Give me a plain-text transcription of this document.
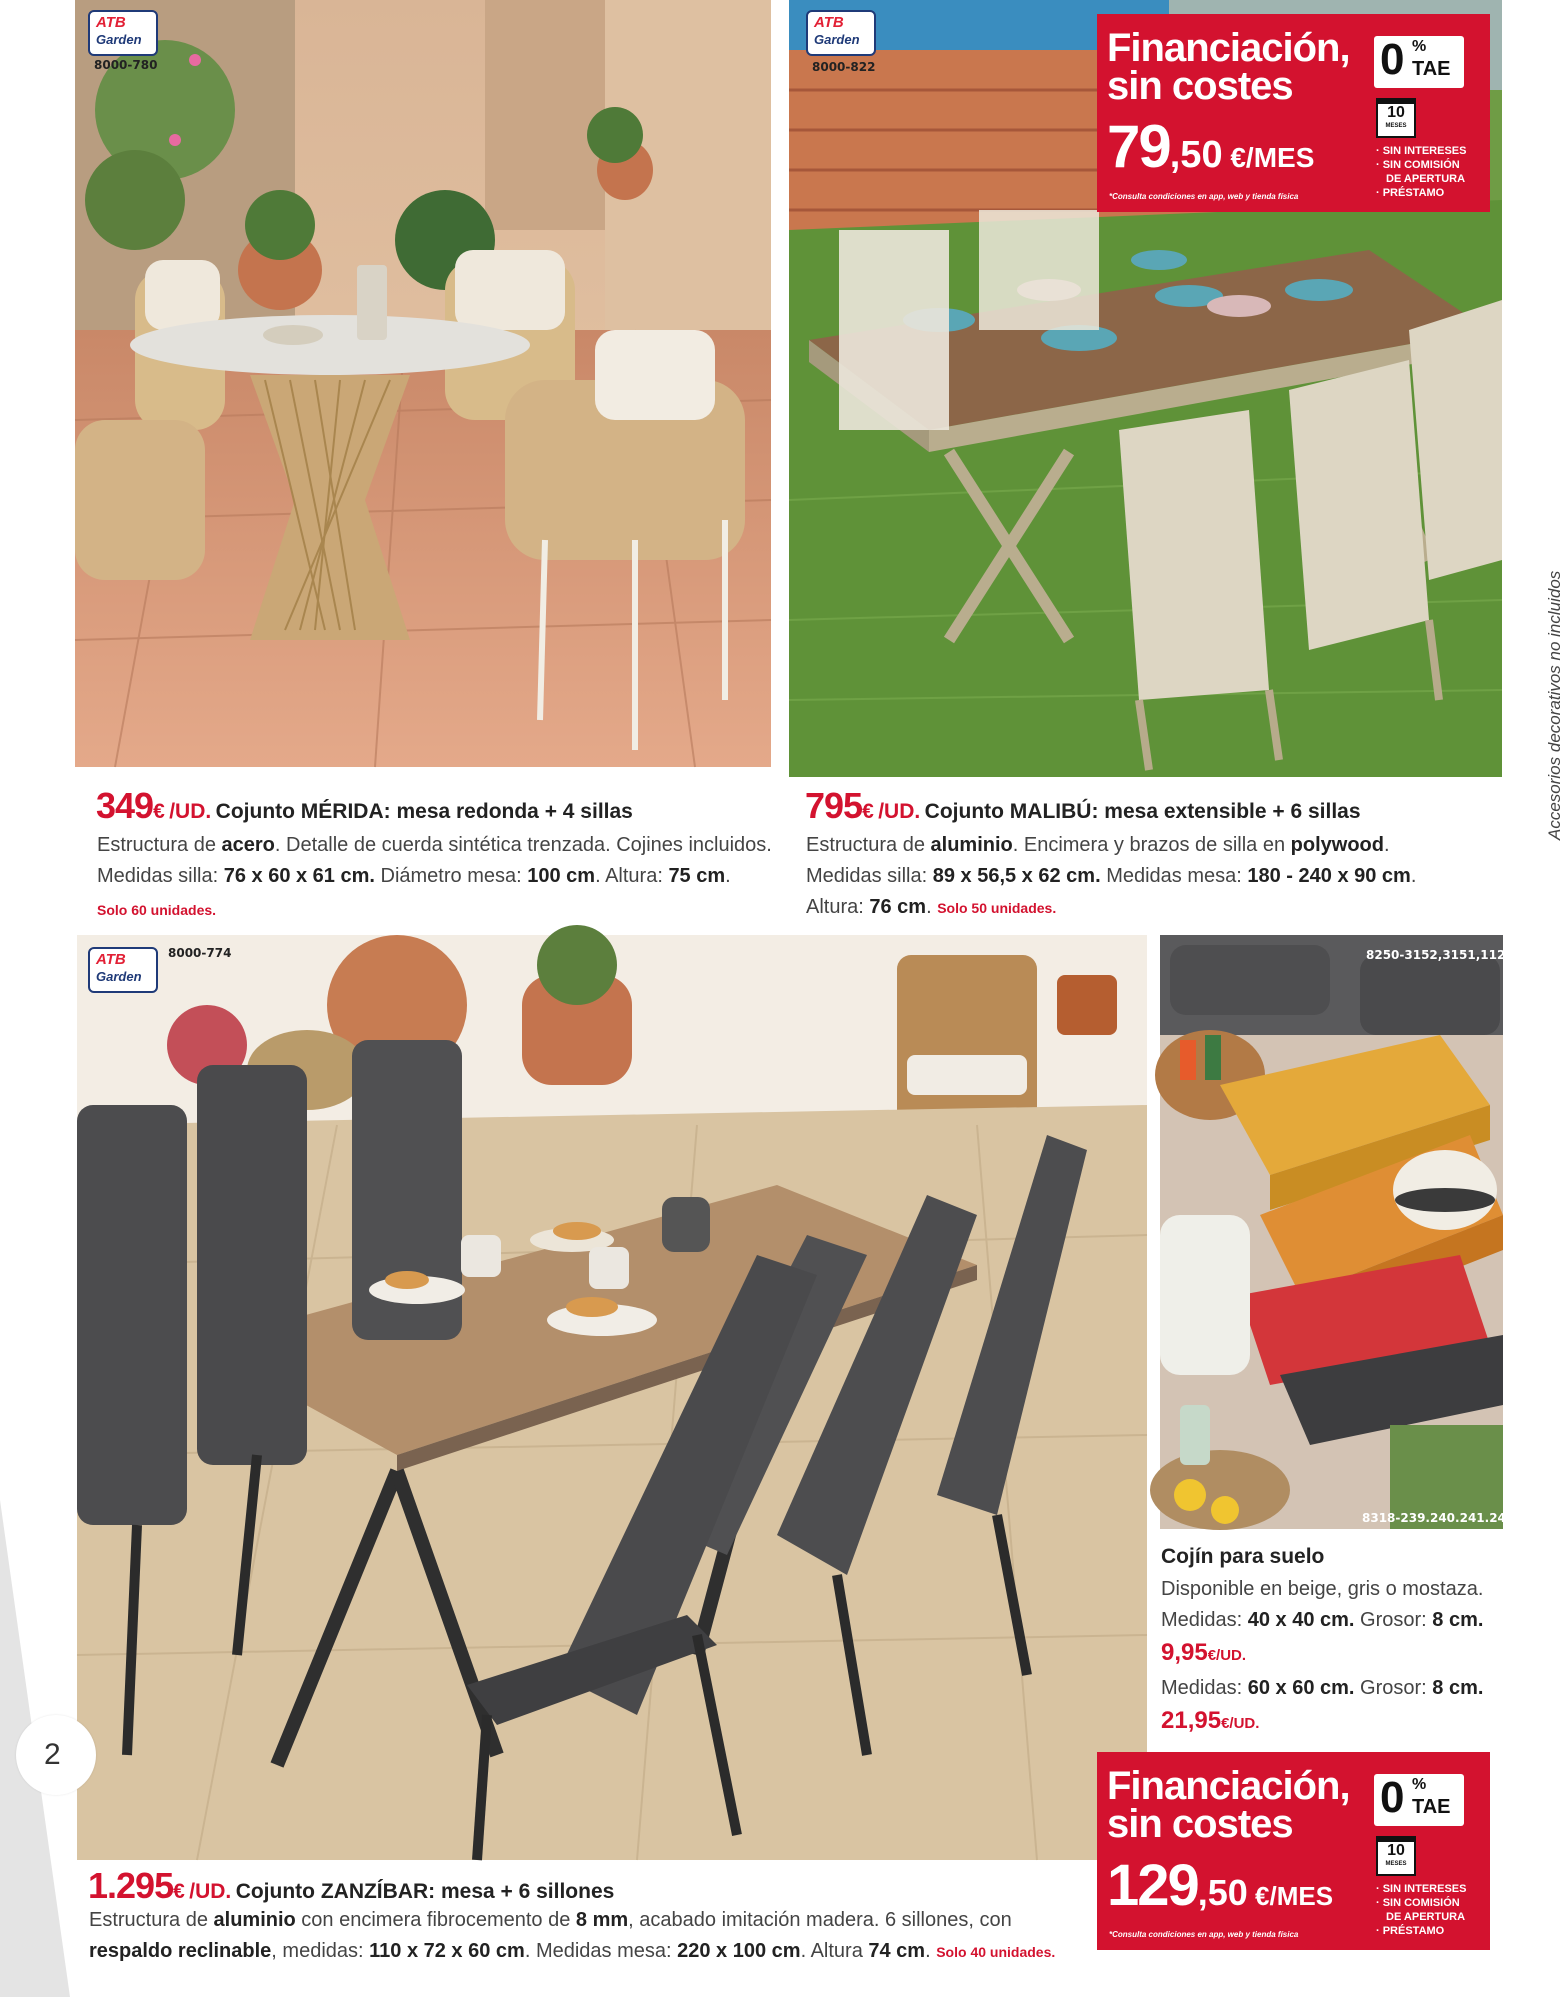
ATB
Garden
8000-780
ATB
Garden
8000-822	Financiación,
sin costes
79,50 €/MES
*Consulta condiciones en app, web y tienda física
0 %
TAE
10
MESES
· SIN INTERESES
· SIN COMISIÓN
DE APERTURA
· PRÉSTAMO
349€ /UD. Cojunto MÉRIDA: mesa redonda + 4 sillas
Estructura de acero. Detalle de cuerda sintética trenzada. Cojines incluidos.
Medidas silla: 76 x 60 x 61 cm. Diámetro mesa: 100 cm. Altura: 75 cm.
Solo 60 unidades.
795€ /UD. Cojunto MALIBÚ: mesa extensible + 6 sillas
Estructura de aluminio. Encimera y brazos de silla en polywood.
Medidas silla: 89 x 56,5 x 62 cm. Medidas mesa: 180 - 240 x 90 cm.
Altura: 76 cm. Solo 50 unidades.
Accesorios decorativos no incluidos
ATB
Garden
8000-774	8250-3152,3151,1125
8318-239.240.241.242
Cojín para suelo
Disponible en beige, gris o mostaza.
Medidas: 40 x 40 cm. Grosor: 8 cm.
9,95€/UD.
Medidas: 60 x 60 cm. Grosor: 8 cm.
21,95€/UD.
Financiación,
sin costes
129,50 €/MES
*Consulta condiciones en app, web y tienda física
0 %
TAE
10
MESES
· SIN INTERESES
· SIN COMISIÓN
DE APERTURA
· PRÉSTAMO
2
1.295€ /UD. Cojunto ZANZÍBAR: mesa + 6 sillones
Estructura de aluminio con encimera fibrocemento de 8 mm, acabado imitación madera. 6 sillones, con
respaldo reclinable, medidas: 110 x 72 x 60 cm. Medidas mesa: 220 x 100 cm. Altura 74 cm. Solo 40 unidades.
